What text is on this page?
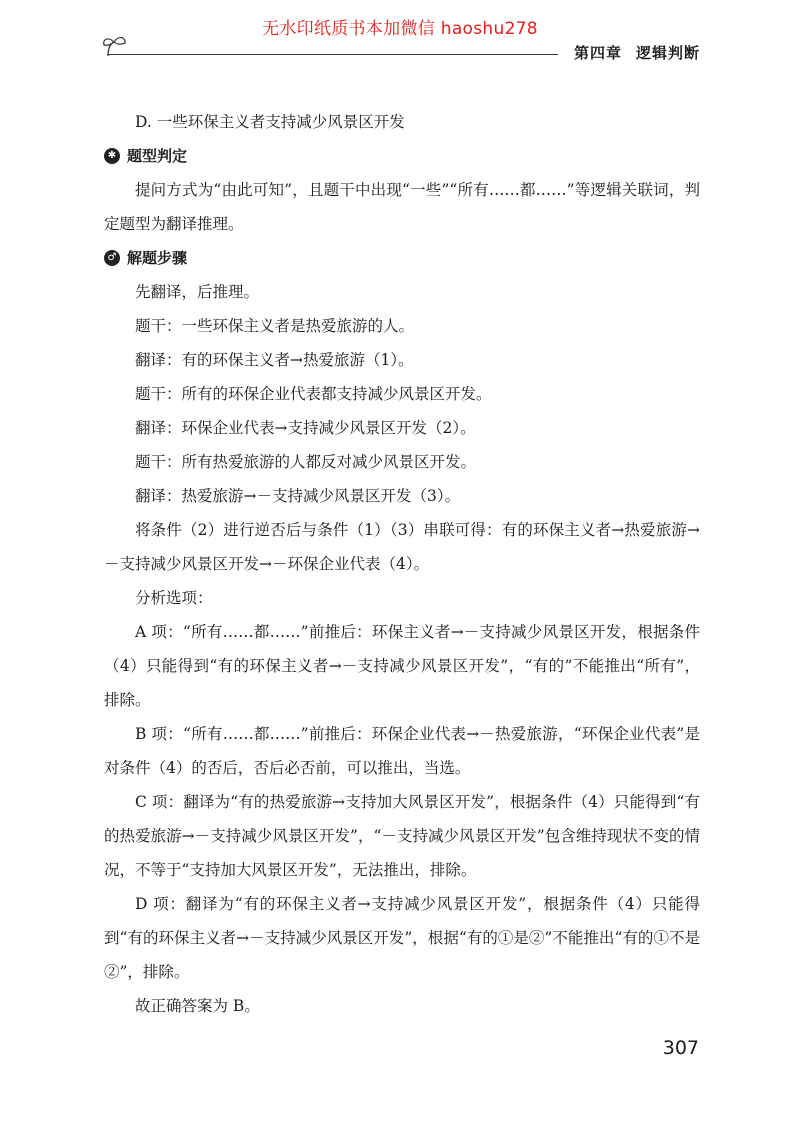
无水印纸质书本加微信 haoshu278
第四章 逻辑判断

D. 一些环保主义者支持减少风景区开发

✱ 题型判定

提问方式为“由此可知”，且题干中出现“一些”“所有……都……”等逻辑关联词，判定题型为翻译推理。

♂ 解题步骤

先翻译，后推理。

题干：一些环保主义者是热爱旅游的人。

翻译：有的环保主义者→热爱旅游（1）。

题干：所有的环保企业代表都支持减少风景区开发。

翻译：环保企业代表→支持减少风景区开发（2）。

题干：所有热爱旅游的人都反对减少风景区开发。

翻译：热爱旅游→－支持减少风景区开发（3）。

将条件（2）进行逆否后与条件（1）（3）串联可得：有的环保主义者→热爱旅游→－支持减少风景区开发→－环保企业代表（4）。

分析选项：

A 项：“所有……都……”前推后：环保主义者→－支持减少风景区开发，根据条件（4）只能得到“有的环保主义者→－支持减少风景区开发”，“有的”不能推出“所有”，排除。

B 项：“所有……都……”前推后：环保企业代表→－热爱旅游，“环保企业代表”是对条件（4）的否后，否后必否前，可以推出，当选。

C 项：翻译为“有的热爱旅游→支持加大风景区开发”，根据条件（4）只能得到“有的热爱旅游→－支持减少风景区开发”，“－支持减少风景区开发”包含维持现状不变的情况，不等于“支持加大风景区开发”，无法推出，排除。

D 项：翻译为“有的环保主义者→支持减少风景区开发”，根据条件（4）只能得到“有的环保主义者→－支持减少风景区开发”，根据“有的①是②”不能推出“有的①不是②”，排除。

故正确答案为 B。

307
